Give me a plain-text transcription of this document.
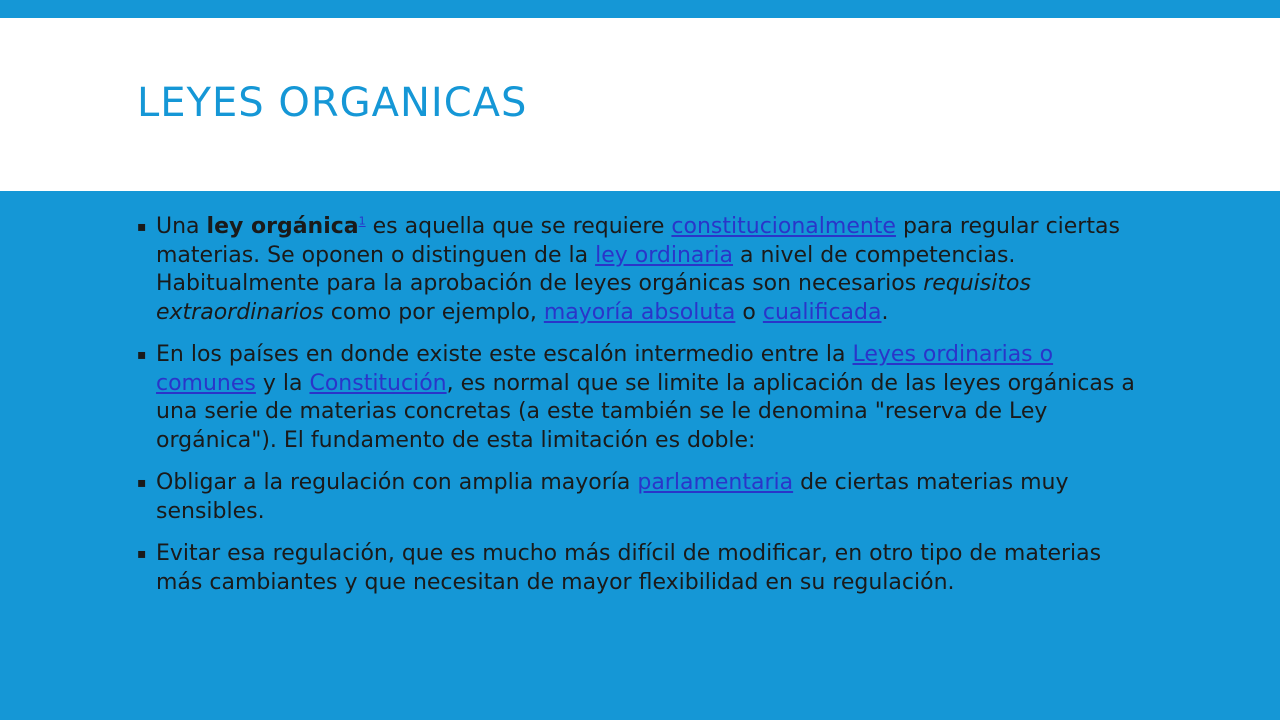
LEYES ORGANICAS
▪ Una ley orgánica$^1$ es aquella que se requiere constitucionalmente para regular ciertas materias. Se oponen o distinguen de la ley ordinaria a nivel de competencias. Habitualmente para la aprobación de leyes orgánicas son necesarios requisitos extraordinarios como por ejemplo, mayoría absoluta o cualificada.
▪ En los países en donde existe este escalón intermedio entre la Leyes ordinarias o comunes y la Constitución, es normal que se limite la aplicación de las leyes orgánicas a una serie de materias concretas (a este también se le denomina "reserva de Ley orgánica"). El fundamento de esta limitación es doble:
▪ Obligar a la regulación con amplia mayoría parlamentaria de ciertas materias muy sensibles.
▪ Evitar esa regulación, que es mucho más difícil de modificar, en otro tipo de materias más cambiantes y que necesitan de mayor flexibilidad en su regulación.
